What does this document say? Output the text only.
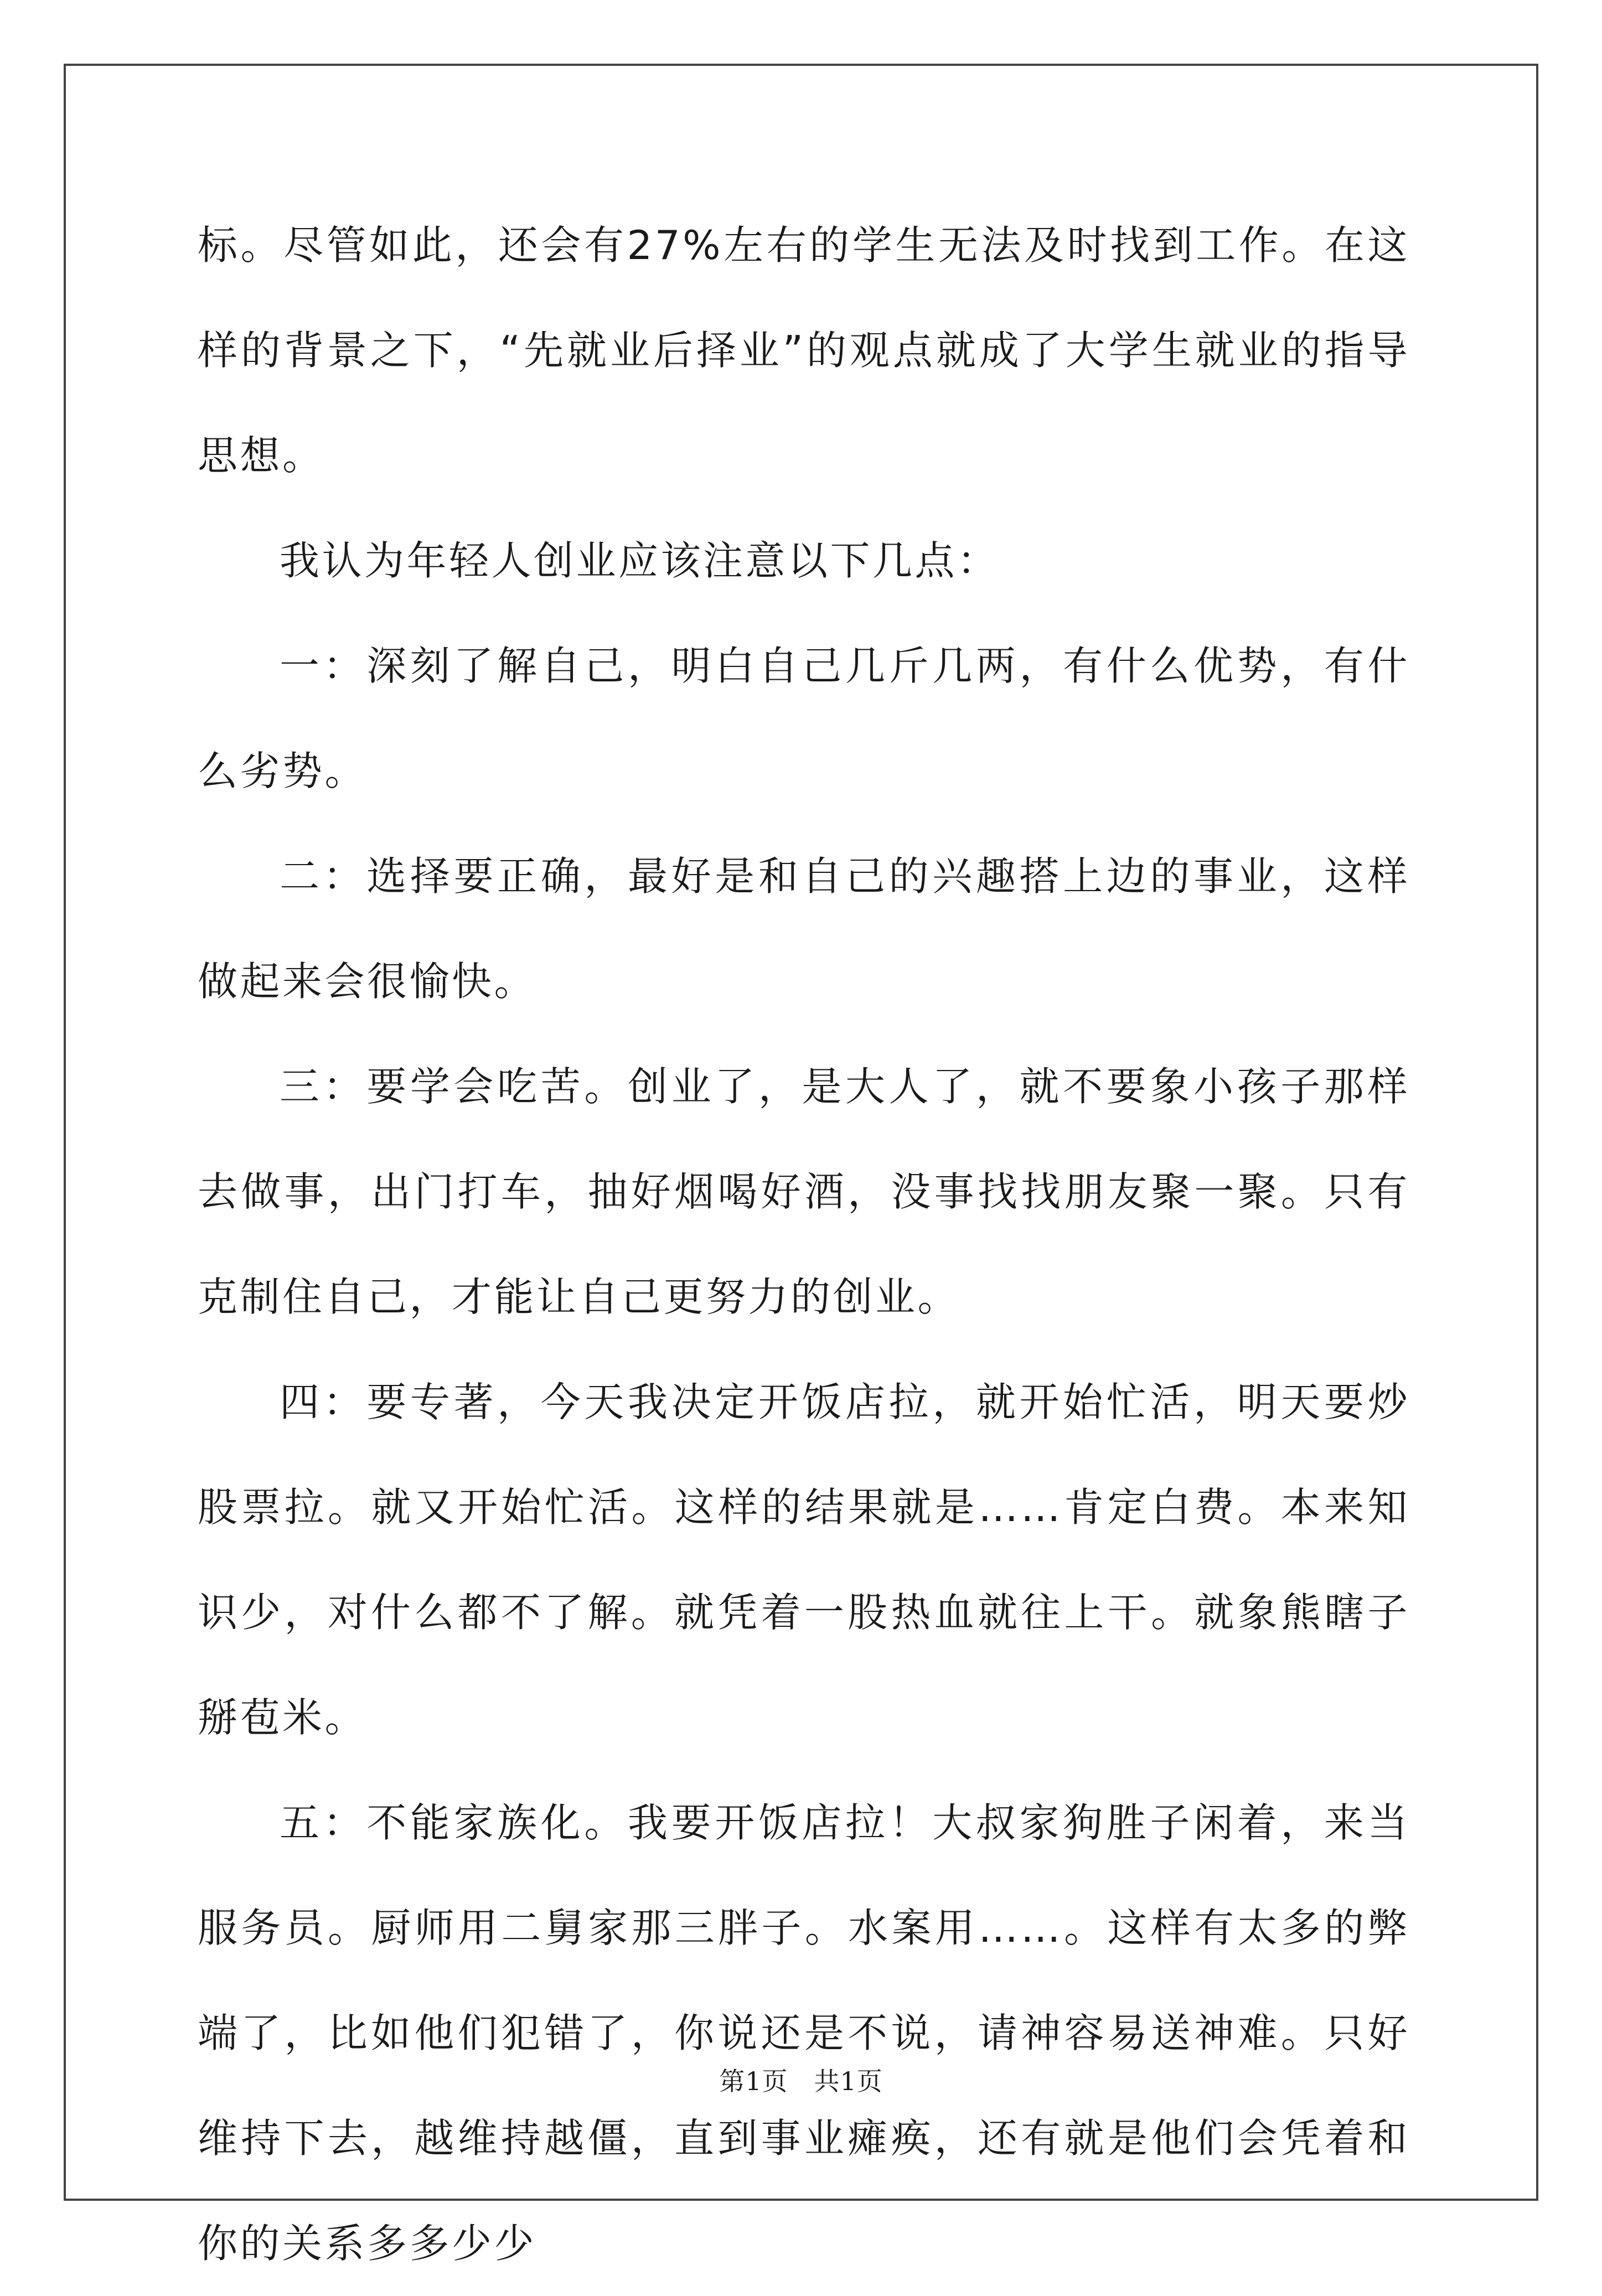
标。尽管如此，还会有27%左右的学生无法及时找到工作。在这样的背景之下，“先就业后择业”的观点就成了大学生就业的指导思想。

我认为年轻人创业应该注意以下几点：

一：深刻了解自己，明白自己几斤几两，有什么优势，有什么劣势。

二：选择要正确，最好是和自己的兴趣搭上边的事业，这样做起来会很愉快。

三：要学会吃苦。创业了，是大人了，就不要象小孩子那样去做事，出门打车，抽好烟喝好酒，没事找找朋友聚一聚。只有克制住自己，才能让自己更努力的创业。

四：要专著，今天我决定开饭店拉，就开始忙活，明天要炒股票拉。就又开始忙活。这样的结果就是……肯定白费。本来知识少，对什么都不了解。就凭着一股热血就往上干。就象熊瞎子掰苞米。

五：不能家族化。我要开饭店拉！大叔家狗胜子闲着，来当服务员。厨师用二舅家那三胖子。水案用……。这样有太多的弊端了，比如他们犯错了，你说还是不说，请神容易送神难。只好维持下去，越维持越僵，直到事业瘫痪，还有就是他们会凭着和你的关系多多少少

第1页　共1页
